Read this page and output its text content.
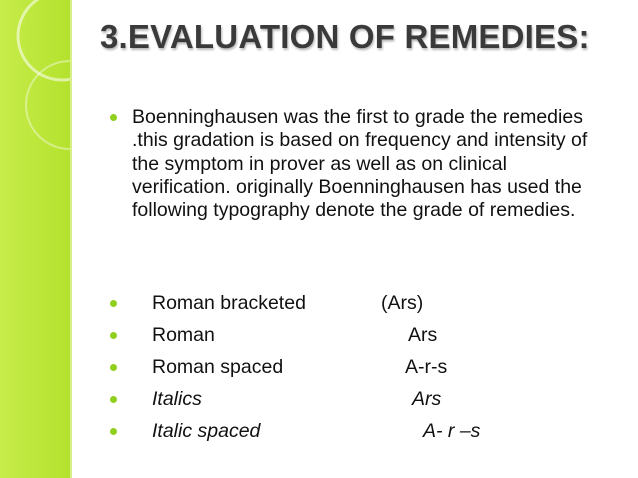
3.EVALUATION OF REMEDIES:
Boenninghausen was the first to grade the remedies .this gradation is based on frequency and intensity of the symptom in prover as well as on clinical verification. originally Boenninghausen has used the following typography denote the grade of remedies.
Roman bracketed	(Ars)
Roman	Ars
Roman spaced	A-r-s
Italics	Ars
Italic spaced	A- r –s
